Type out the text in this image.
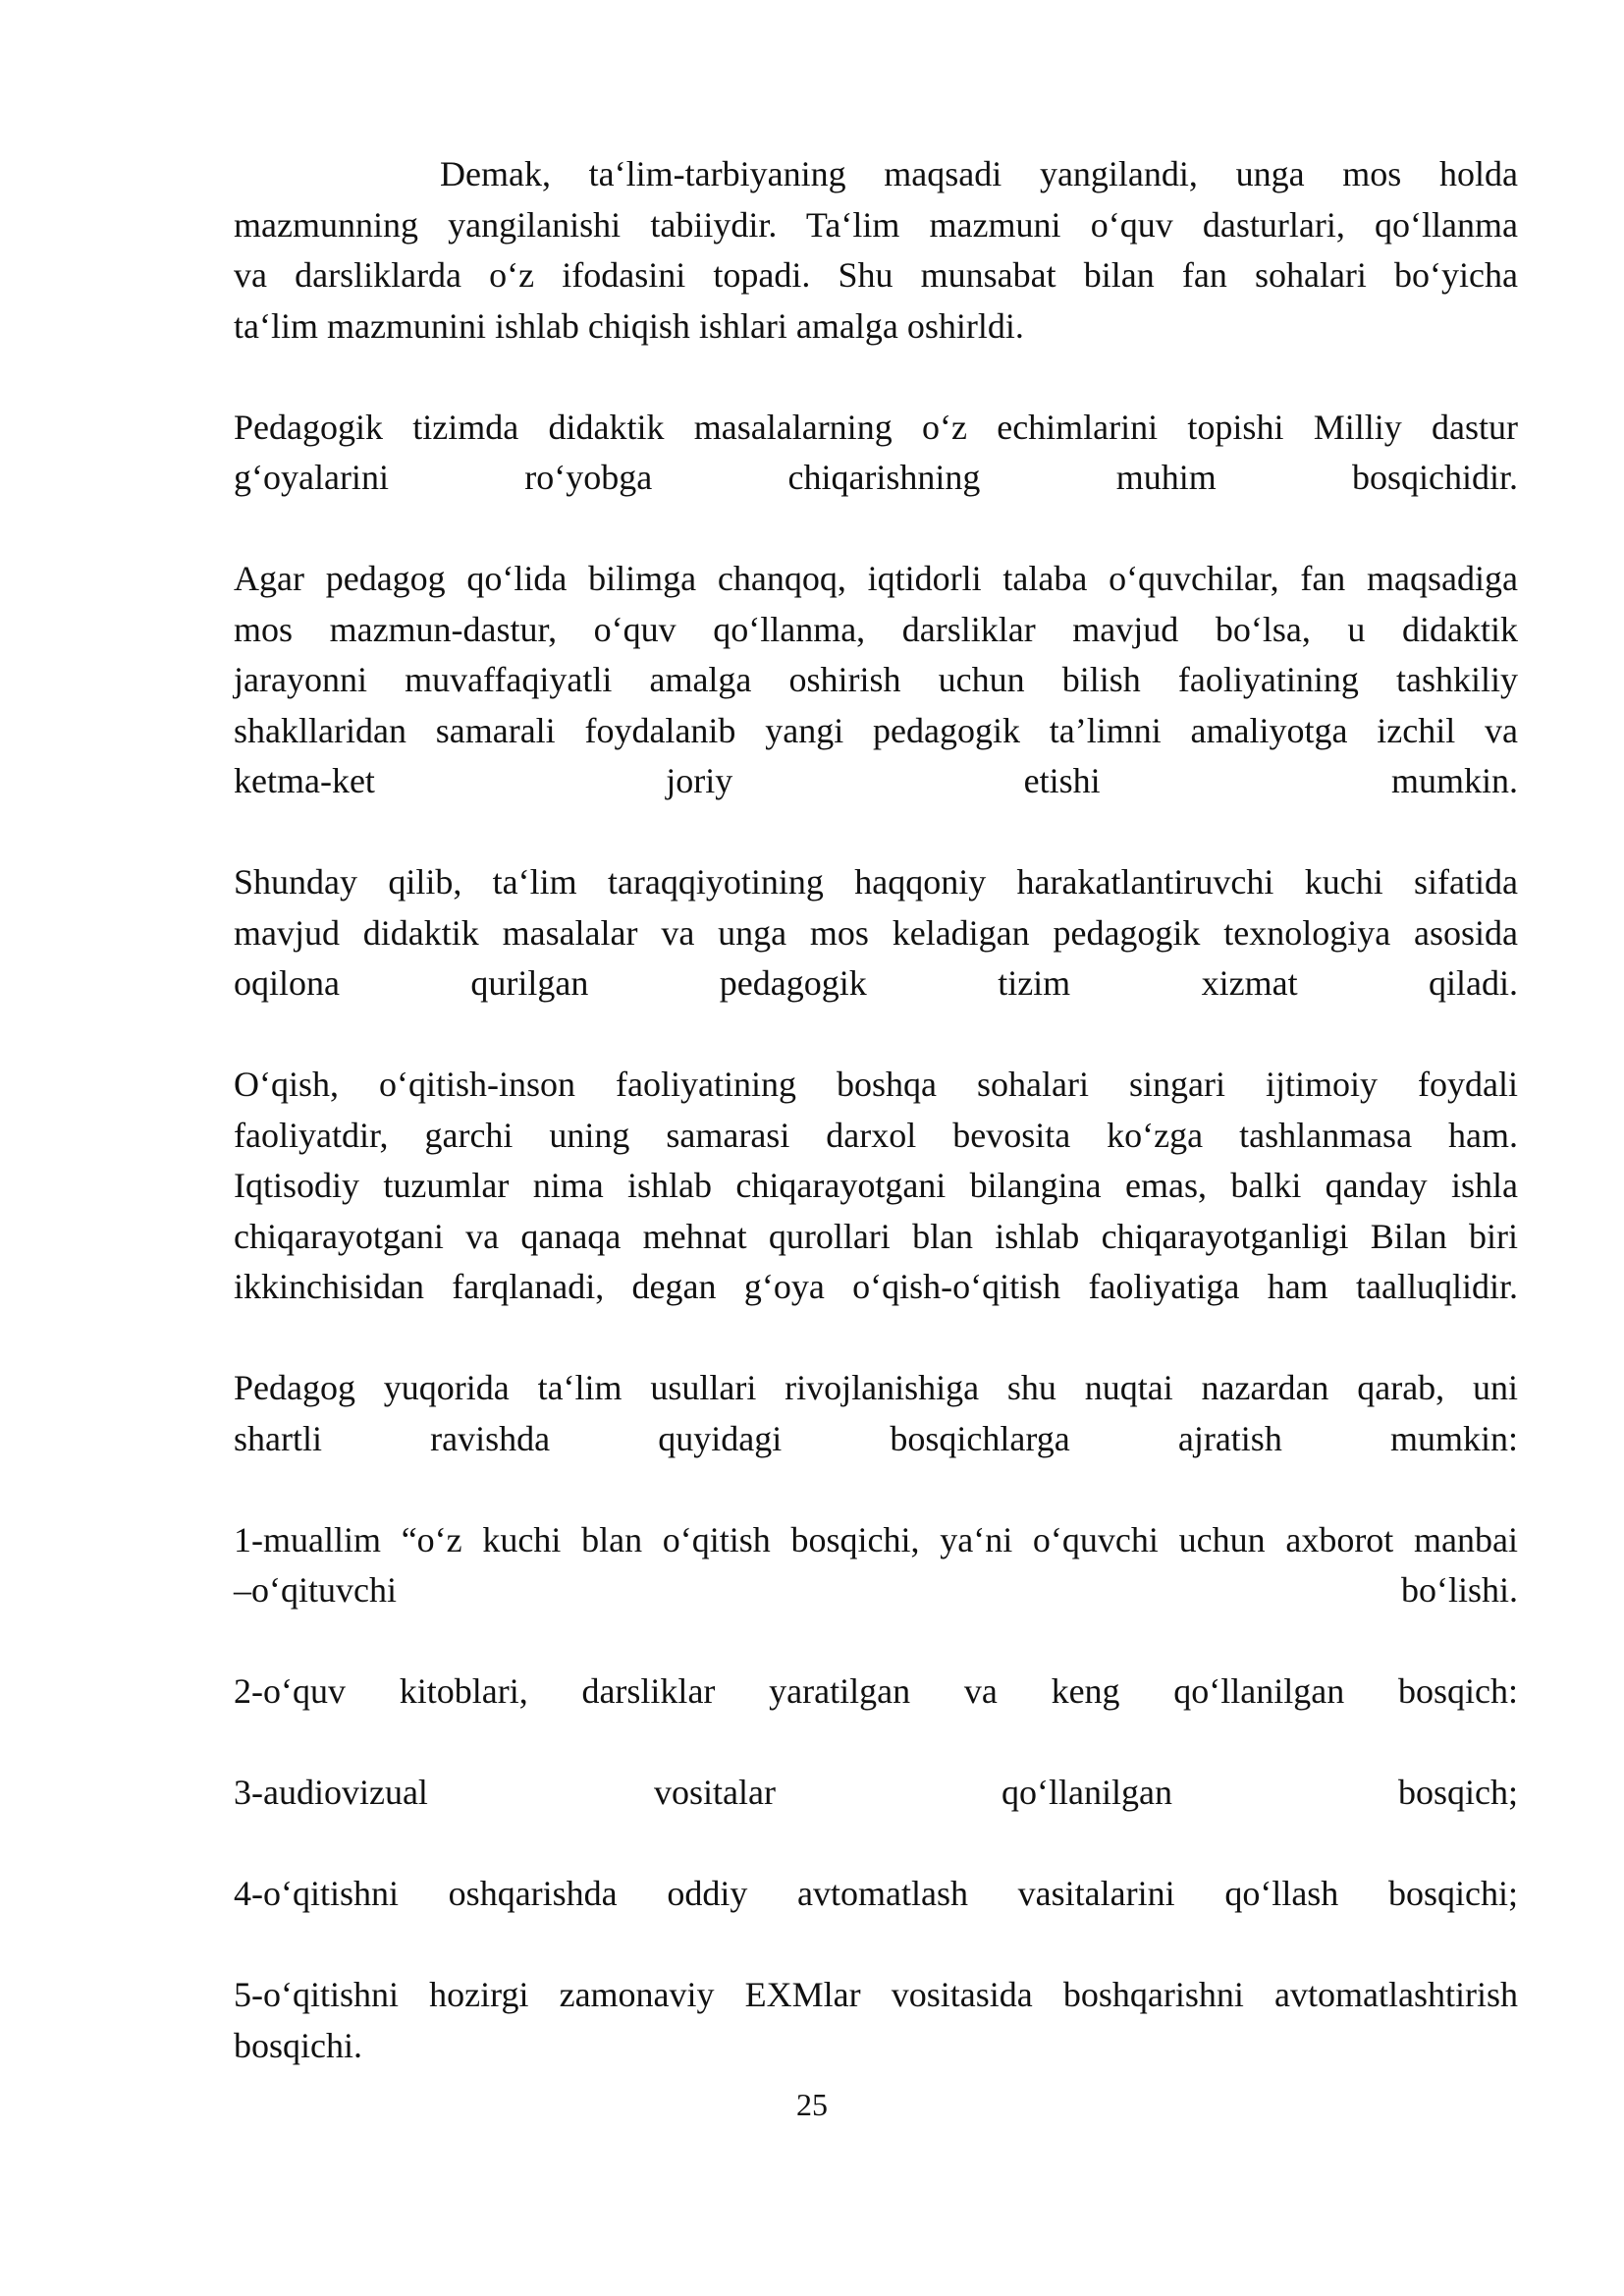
Demak, ta‘lim-tarbiyaning maqsadi yangilandi, unga mos holda
mazmunning yangilanishi tabiiydir. Ta‘lim mazmuni o‘quv dasturlari, qo‘llanma
va darsliklarda o‘z ifodasini topadi. Shu munsabat bilan fan sohalari bo‘yicha
ta‘lim mazmunini ishlab chiqish ishlari amalga oshirldi.
Pedagogik tizimda didaktik masalalarning o‘z echimlarini topishi Milliy dastur
g‘oyalarini ro‘yobga chiqarishning muhim bosqichidir.
Agar pedagog qo‘lida bilimga chanqoq, iqtidorli talaba o‘quvchilar, fan maqsadiga
mos mazmun-dastur, o‘quv qo‘llanma, darsliklar mavjud bo‘lsa, u didaktik
jarayonni muvaffaqiyatli amalga oshirish uchun bilish faoliyatining tashkiliy
shakllaridan samarali foydalanib yangi pedagogik ta’limni amaliyotga izchil va
ketma-ket joriy etishi mumkin.
Shunday qilib, ta‘lim taraqqiyotining haqqoniy harakatlantiruvchi kuchi sifatida
mavjud didaktik masalalar va unga mos keladigan pedagogik texnologiya asosida
oqilona qurilgan pedagogik tizim xizmat qiladi.
O‘qish, o‘qitish-inson faoliyatining boshqa sohalari singari ijtimoiy foydali
faoliyatdir, garchi uning samarasi darxol bevosita ko‘zga tashlanmasa ham.
Iqtisodiy tuzumlar nima ishlab chiqarayotgani bilangina emas, balki qanday ishla
chiqarayotgani va qanaqa mehnat qurollari blan ishlab chiqarayotganligi Bilan biri
ikkinchisidan farqlanadi, degan g‘oya o‘qish-o‘qitish faoliyatiga ham taalluqlidir.
Pedagog yuqorida ta‘lim usullari rivojlanishiga shu nuqtai nazardan qarab, uni
shartli ravishda quyidagi bosqichlarga ajratish mumkin:
1-muallim “o‘z kuchi blan o‘qitish bosqichi, ya‘ni o‘quvchi uchun axborot manbai
–o‘qituvchi bo‘lishi.
2-o‘quv kitoblari, darsliklar yaratilgan va keng qo‘llanilgan bosqich:
3-audiovizual vositalar qo‘llanilgan bosqich;
4-o‘qitishni oshqarishda oddiy avtomatlash vasitalarini qo‘llash bosqichi;
5-o‘qitishni hozirgi zamonaviy EXMlar vositasida boshqarishni avtomatlashtirish
bosqichi.
25
